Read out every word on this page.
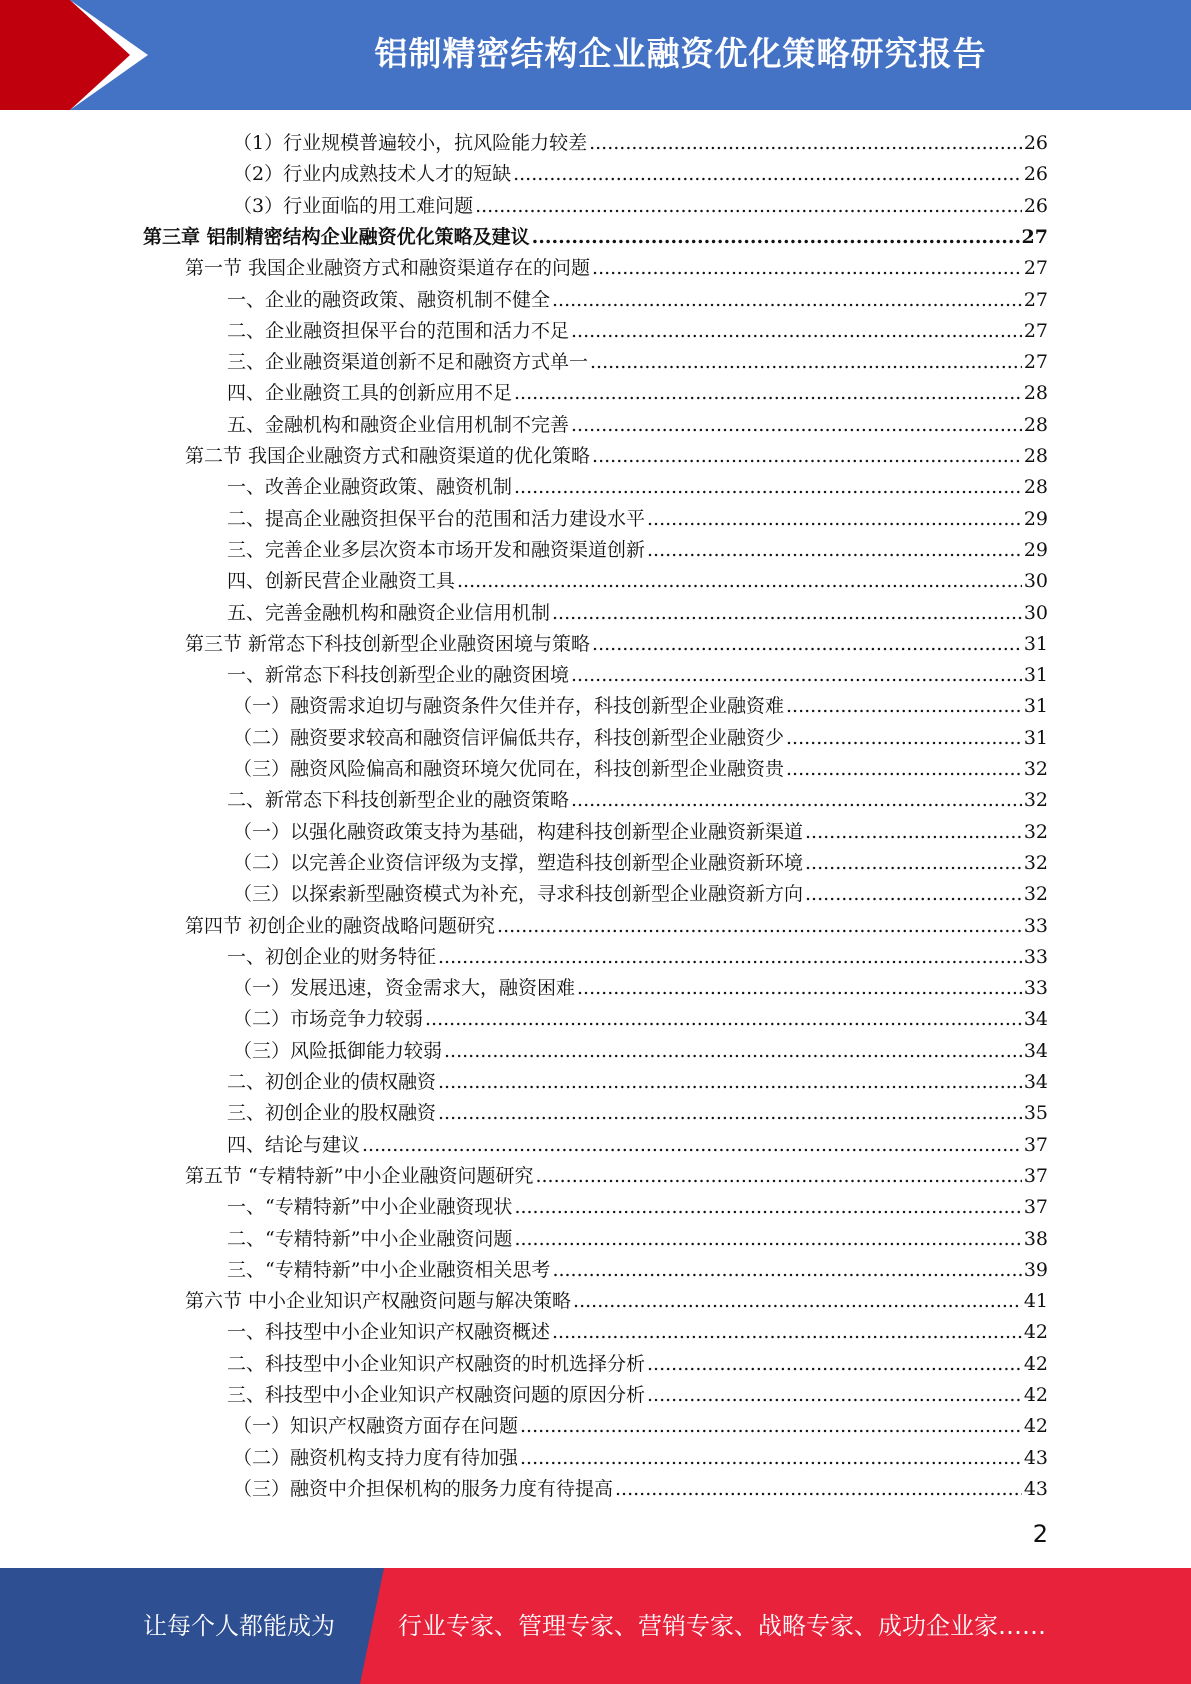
铝制精密结构企业融资优化策略研究报告
（1）行业规模普遍较小，抗风险能力较差 .....	26
（2）行业内成熟技术人才的短缺 .....	26
（3）行业面临的用工难问题 .....	26
第三章 铝制精密结构企业融资优化策略及建议 .....	27
第一节 我国企业融资方式和融资渠道存在的问题 .....	27
一、企业的融资政策、融资机制不健全 .....	27
二、企业融资担保平台的范围和活力不足 .....	27
三、企业融资渠道创新不足和融资方式单一 .....	27
四、企业融资工具的创新应用不足 .....	28
五、金融机构和融资企业信用机制不完善 .....	28
第二节 我国企业融资方式和融资渠道的优化策略 .....	28
一、改善企业融资政策、融资机制 .....	28
二、提高企业融资担保平台的范围和活力建设水平 .....	29
三、完善企业多层次资本市场开发和融资渠道创新 .....	29
四、创新民营企业融资工具 .....	30
五、完善金融机构和融资企业信用机制 .....	30
第三节 新常态下科技创新型企业融资困境与策略 .....	31
一、新常态下科技创新型企业的融资困境 .....	31
（一）融资需求迫切与融资条件欠佳并存，科技创新型企业融资难 .....	31
（二）融资要求较高和融资信评偏低共存，科技创新型企业融资少 .....	31
（三）融资风险偏高和融资环境欠优同在，科技创新型企业融资贵 .....	32
二、新常态下科技创新型企业的融资策略 .....	32
（一）以强化融资政策支持为基础，构建科技创新型企业融资新渠道 .....	32
（二）以完善企业资信评级为支撑，塑造科技创新型企业融资新环境 .....	32
（三）以探索新型融资模式为补充，寻求科技创新型企业融资新方向 .....	32
第四节 初创企业的融资战略问题研究 .....	33
一、初创企业的财务特征 .....	33
（一）发展迅速，资金需求大，融资困难 .....	33
（二）市场竞争力较弱 .....	34
（三）风险抵御能力较弱 .....	34
二、初创企业的债权融资 .....	34
三、初创企业的股权融资 .....	35
四、结论与建议 .....	37
第五节 “专精特新”中小企业融资问题研究 .....	37
一、“专精特新”中小企业融资现状 .....	37
二、“专精特新”中小企业融资问题 .....	38
三、“专精特新”中小企业融资相关思考 .....	39
第六节 中小企业知识产权融资问题与解决策略 .....	41
一、科技型中小企业知识产权融资概述 .....	42
二、科技型中小企业知识产权融资的时机选择分析 .....	42
三、科技型中小企业知识产权融资问题的原因分析 .....	42
（一）知识产权融资方面存在问题 .....	42
（二）融资机构支持力度有待加强 .....	43
（三）融资中介担保机构的服务力度有待提高 .....	43
2
让每个人都能成为	行业专家、管理专家、营销专家、战略专家、成功企业家……
